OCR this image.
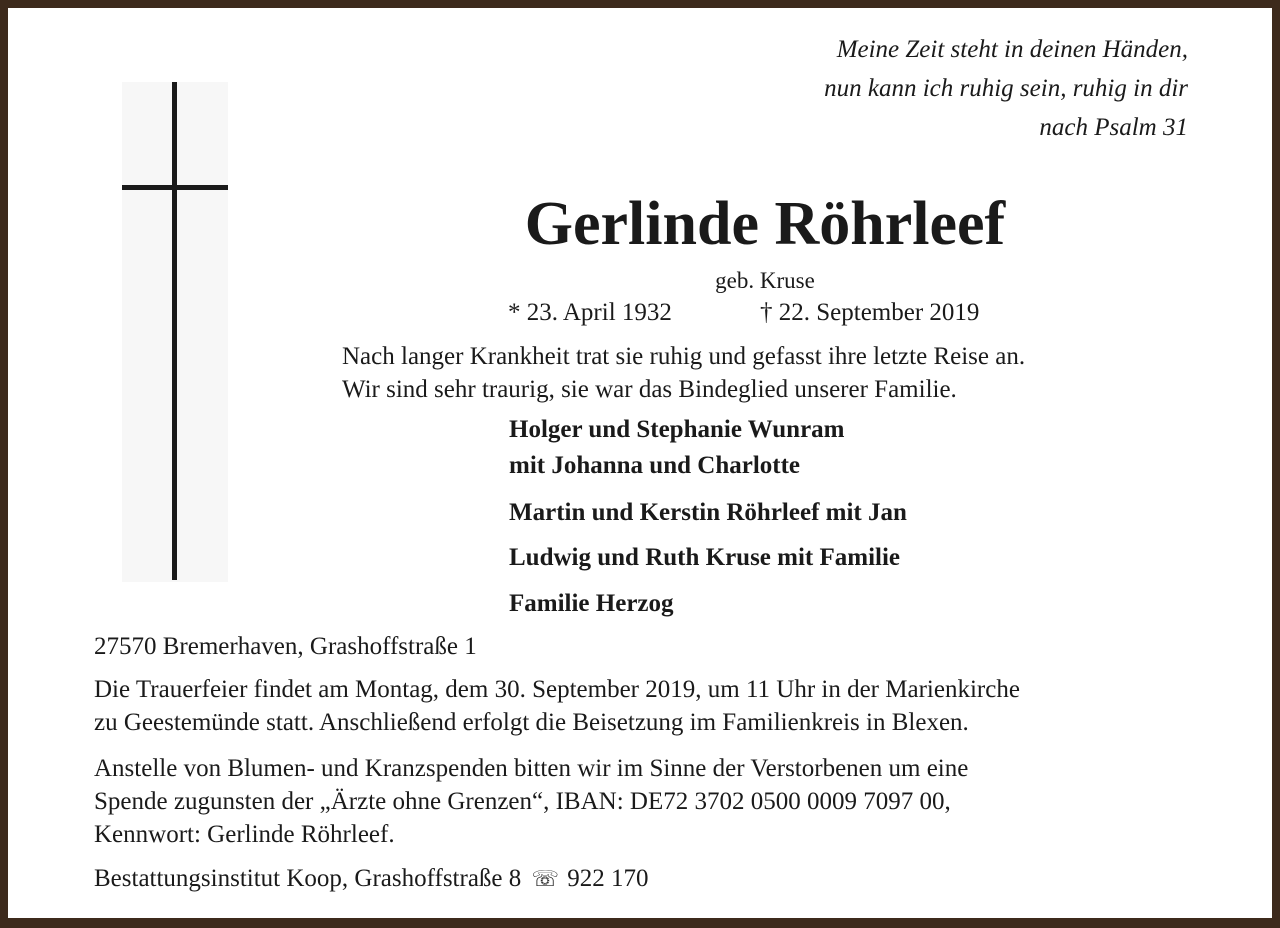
Meine Zeit steht in deinen Händen,
nun kann ich ruhig sein, ruhig in dir
nach Psalm 31
Gerlinde Röhrleef
geb. Kruse
* 23. April 1932	† 22. September 2019
Nach langer Krankheit trat sie ruhig und gefasst ihre letzte Reise an.
Wir sind sehr traurig, sie war das Bindeglied unserer Familie.
Holger und Stephanie Wunram
mit Johanna und Charlotte
Martin und Kerstin Röhrleef mit Jan
Ludwig und Ruth Kruse mit Familie
Familie Herzog
27570 Bremerhaven, Grashoffstraße 1
Die Trauerfeier findet am Montag, dem 30. September 2019, um 11 Uhr in der Marienkirche
zu Geestemünde statt. Anschließend erfolgt die Beisetzung im Familienkreis in Blexen.
Anstelle von Blumen- und Kranzspenden bitten wir im Sinne der Verstorbenen um eine
Spende zugunsten der „Ärzte ohne Grenzen“, IBAN: DE72 3702 0500 0009 7097 00,
Kennwort: Gerlinde Röhrleef.
Bestattungsinstitut Koop, Grashoffstraße 8 ☏ 922 170
